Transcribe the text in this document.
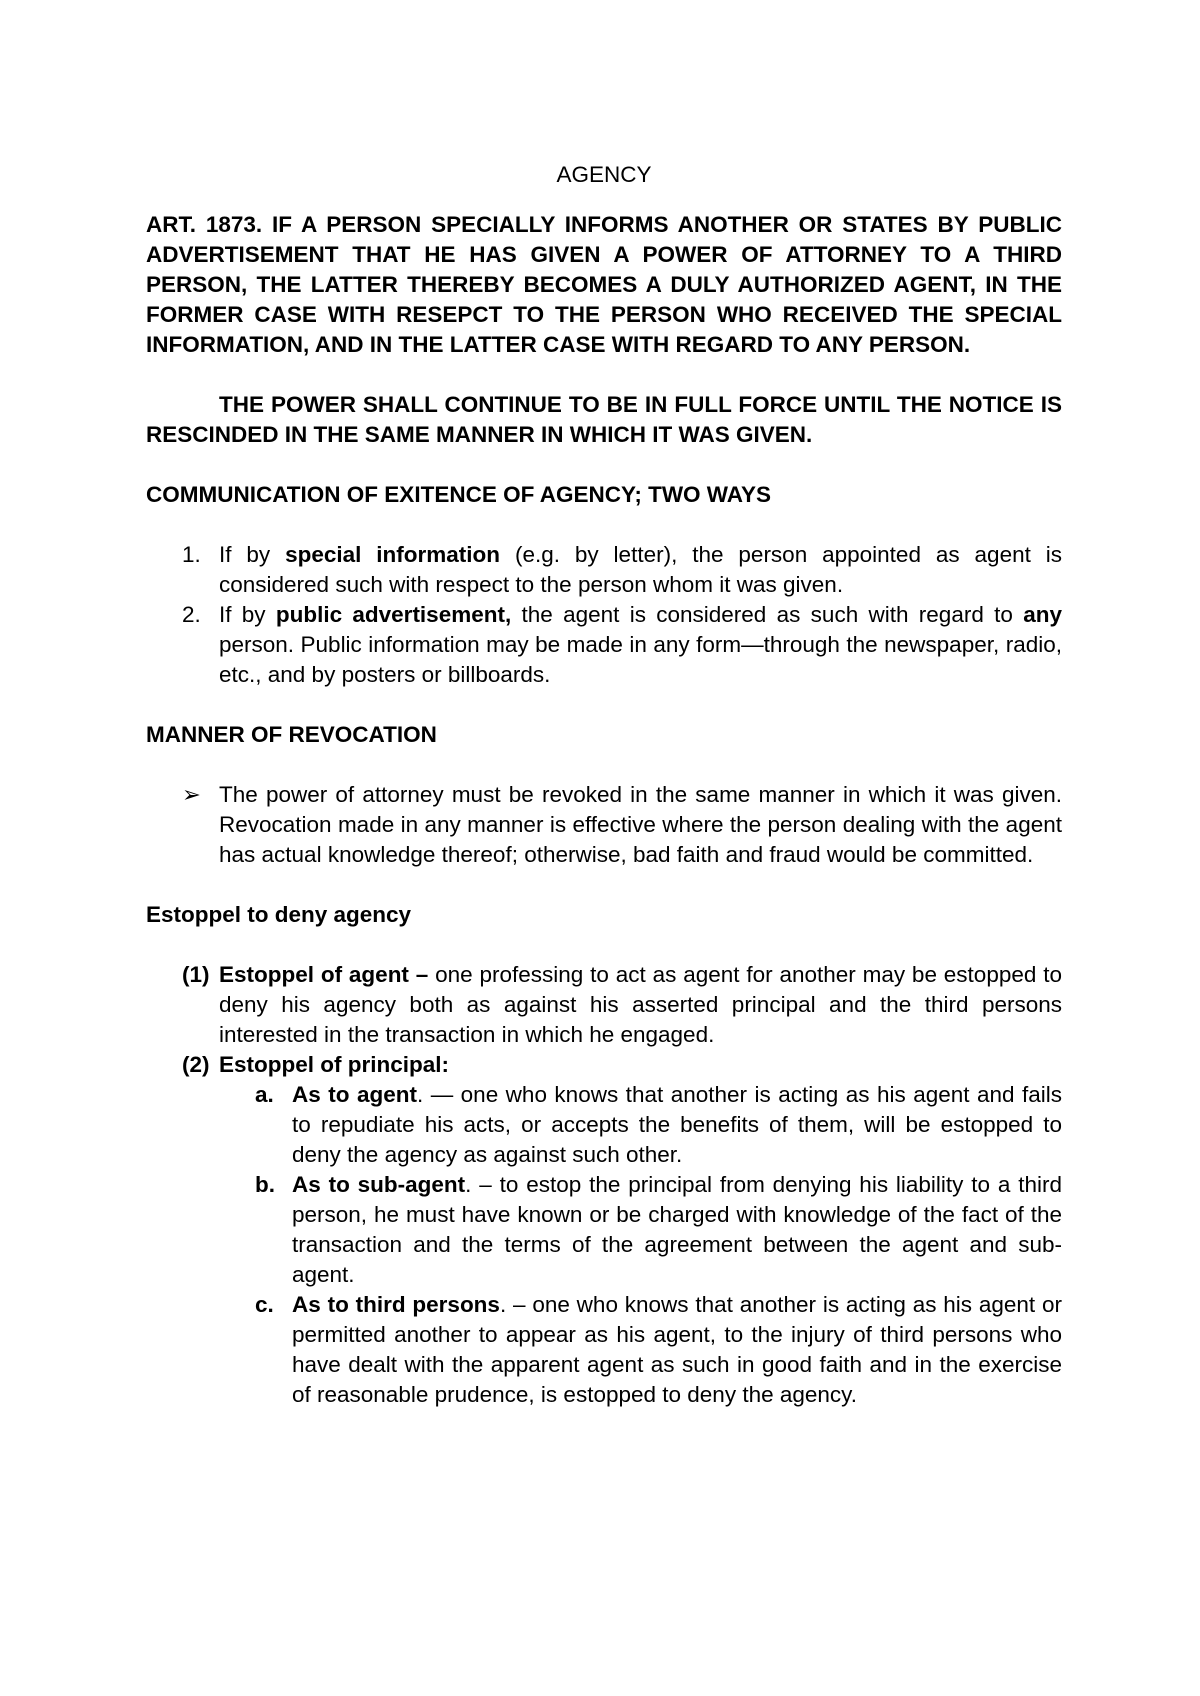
AGENCY

ART. 1873. IF A PERSON SPECIALLY INFORMS ANOTHER OR STATES BY PUBLIC ADVERTISEMENT THAT HE HAS GIVEN A POWER OF ATTORNEY TO A THIRD PERSON, THE LATTER THEREBY BECOMES A DULY AUTHORIZED AGENT, IN THE FORMER CASE WITH RESEPCT TO THE PERSON WHO RECEIVED THE SPECIAL INFORMATION, AND IN THE LATTER CASE WITH REGARD TO ANY PERSON.

THE POWER SHALL CONTINUE TO BE IN FULL FORCE UNTIL THE NOTICE IS RESCINDED IN THE SAME MANNER IN WHICH IT WAS GIVEN.

COMMUNICATION OF EXITENCE OF AGENCY; TWO WAYS

1. If by special information (e.g. by letter), the person appointed as agent is considered such with respect to the person whom it was given.
2. If by public advertisement, the agent is considered as such with regard to any person. Public information may be made in any form—through the newspaper, radio, etc., and by posters or billboards.

MANNER OF REVOCATION

➢ The power of attorney must be revoked in the same manner in which it was given. Revocation made in any manner is effective where the person dealing with the agent has actual knowledge thereof; otherwise, bad faith and fraud would be committed.

Estoppel to deny agency

(1) Estoppel of agent – one professing to act as agent for another may be estopped to deny his agency both as against his asserted principal and the third persons interested in the transaction in which he engaged.
(2) Estoppel of principal:
a. As to agent. — one who knows that another is acting as his agent and fails to repudiate his acts, or accepts the benefits of them, will be estopped to deny the agency as against such other.
b. As to sub-agent. – to estop the principal from denying his liability to a third person, he must have known or be charged with knowledge of the fact of the transaction and the terms of the agreement between the agent and sub-agent.
c. As to third persons. – one who knows that another is acting as his agent or permitted another to appear as his agent, to the injury of third persons who have dealt with the apparent agent as such in good faith and in the exercise of reasonable prudence, is estopped to deny the agency.
